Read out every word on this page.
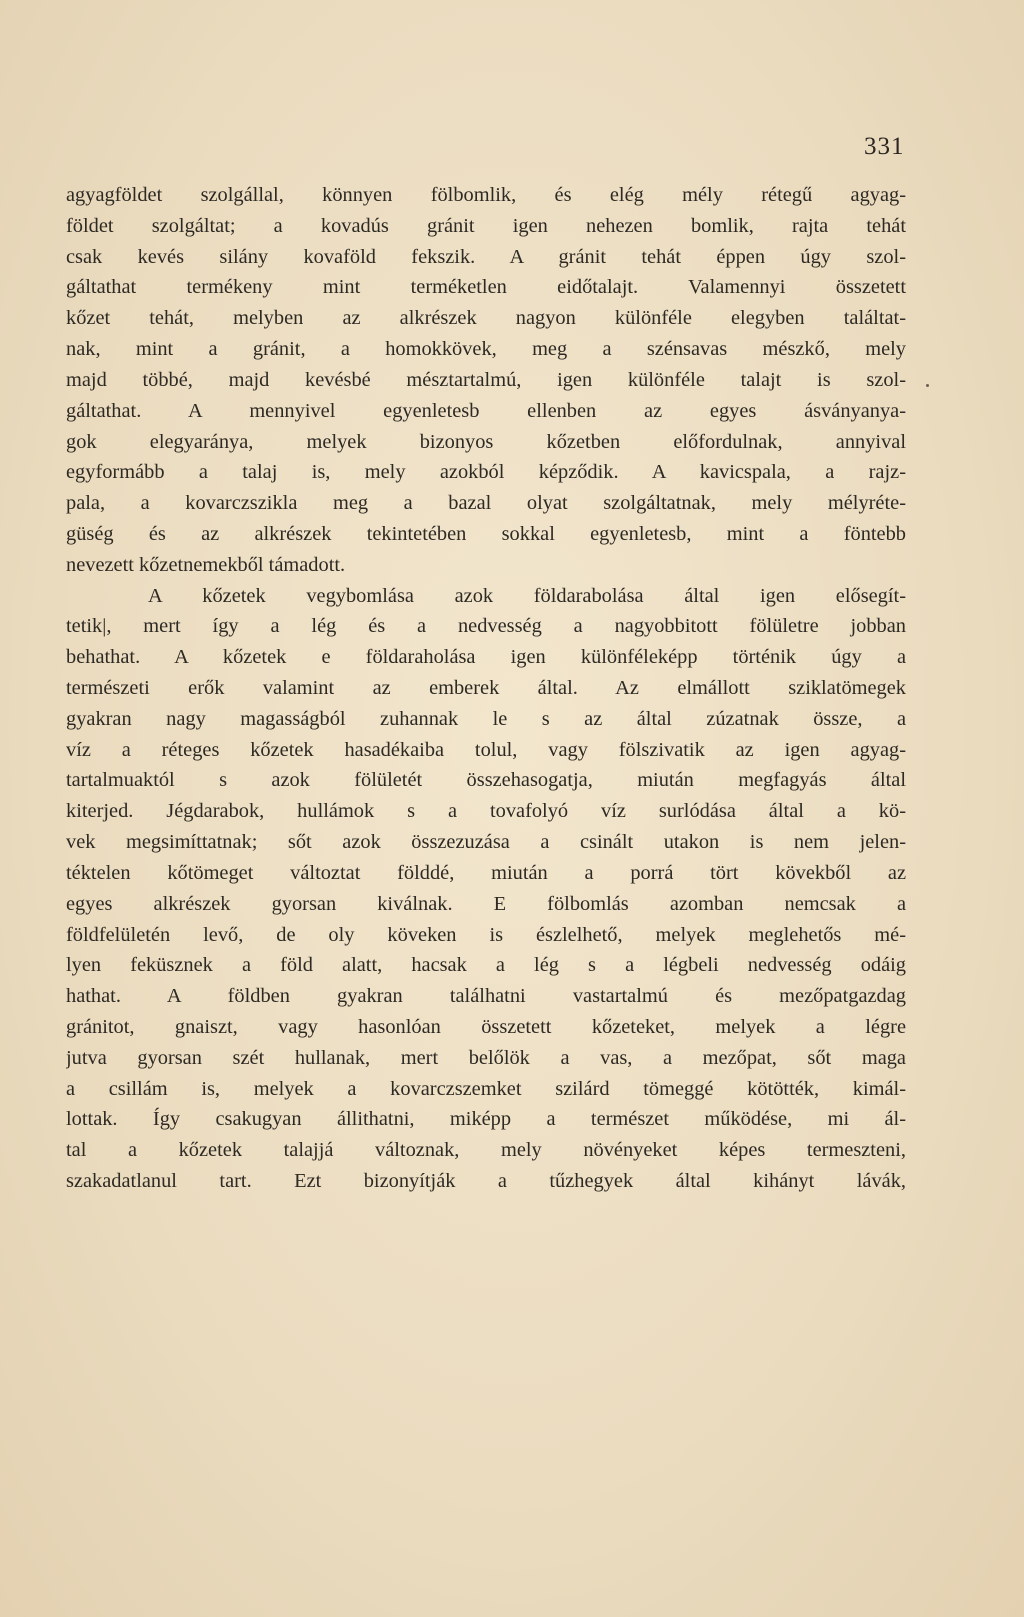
331
agyagföldet szolgállal, könnyen fölbomlik, és elég mély rétegű agyag-
földet szolgáltat; a kovadús gránit igen nehezen bomlik, rajta tehát
csak kevés silány kovaföld fekszik. A gránit tehát éppen úgy szol-
gáltathat termékeny mint terméketlen eidőtalajt. Valamennyi összetett
kőzet tehát, melyben az alkrészek nagyon különféle elegyben találtat-
nak, mint a gránit, a homokkövek, meg a szénsavas mészkő, mely
majd többé, majd kevésbé mésztartalmú, igen különféle talajt is szol-
gáltathat. A mennyivel egyenletesb ellenben az egyes ásványanya-
gok elegyaránya, melyek bizonyos kőzetben előfordulnak, annyival
egyformább a talaj is, mely azokból képződik. A kavicspala, a rajz-
pala, a kovarczszikla meg a bazal olyat szolgáltatnak, mely mélyréte-
güség és az alkrészek tekintetében sokkal egyenletesb, mint a föntebb
nevezett kőzetnemekből támadott.
A kőzetek vegybomlása azok földarabolása által igen elősegít-
tetik|, mert így a lég és a nedvesség a nagyobbitott fölületre jobban
behathat. A kőzetek e földaraholása igen különféleképp történik úgy a
természeti erők valamint az emberek által. Az elmállott sziklatömegek
gyakran nagy magasságból zuhannak le s az által zúzatnak össze, a
víz a réteges kőzetek hasadékaiba tolul, vagy fölszivatik az igen agyag-
tartalmuaktól s azok fölületét összehasogatja, miután megfagyás által
kiterjed. Jégdarabok, hullámok s a tovafolyó víz surlódása által a kö-
vek megsimíttatnak; sőt azok összezuzása a csinált utakon is nem jelen-
téktelen kőtömeget változtat földdé, miután a porrá tört kövekből az
egyes alkrészek gyorsan kiválnak. E fölbomlás azomban nemcsak a
földfelületén levő, de oly köveken is észlelhető, melyek meglehetős mé-
lyen feküsznek a föld alatt, hacsak a lég s a légbeli nedvesség odáig
hathat. A földben gyakran találhatni vastartalmú és mezőpatgazdag
gránitot, gnaiszt, vagy hasonlóan összetett kőzeteket, melyek a légre
jutva gyorsan szét hullanak, mert belőlök a vas, a mezőpat, sőt maga
a csillám is, melyek a kovarczszemket szilárd tömeggé kötötték, kimál-
lottak. Így csakugyan állithatni, miképp a természet működése, mi ál-
tal a kőzetek talajjá változnak, mely növényeket képes termeszteni,
szakadatlanul tart. Ezt bizonyítják a tűzhegyek által kihányt lávák,
